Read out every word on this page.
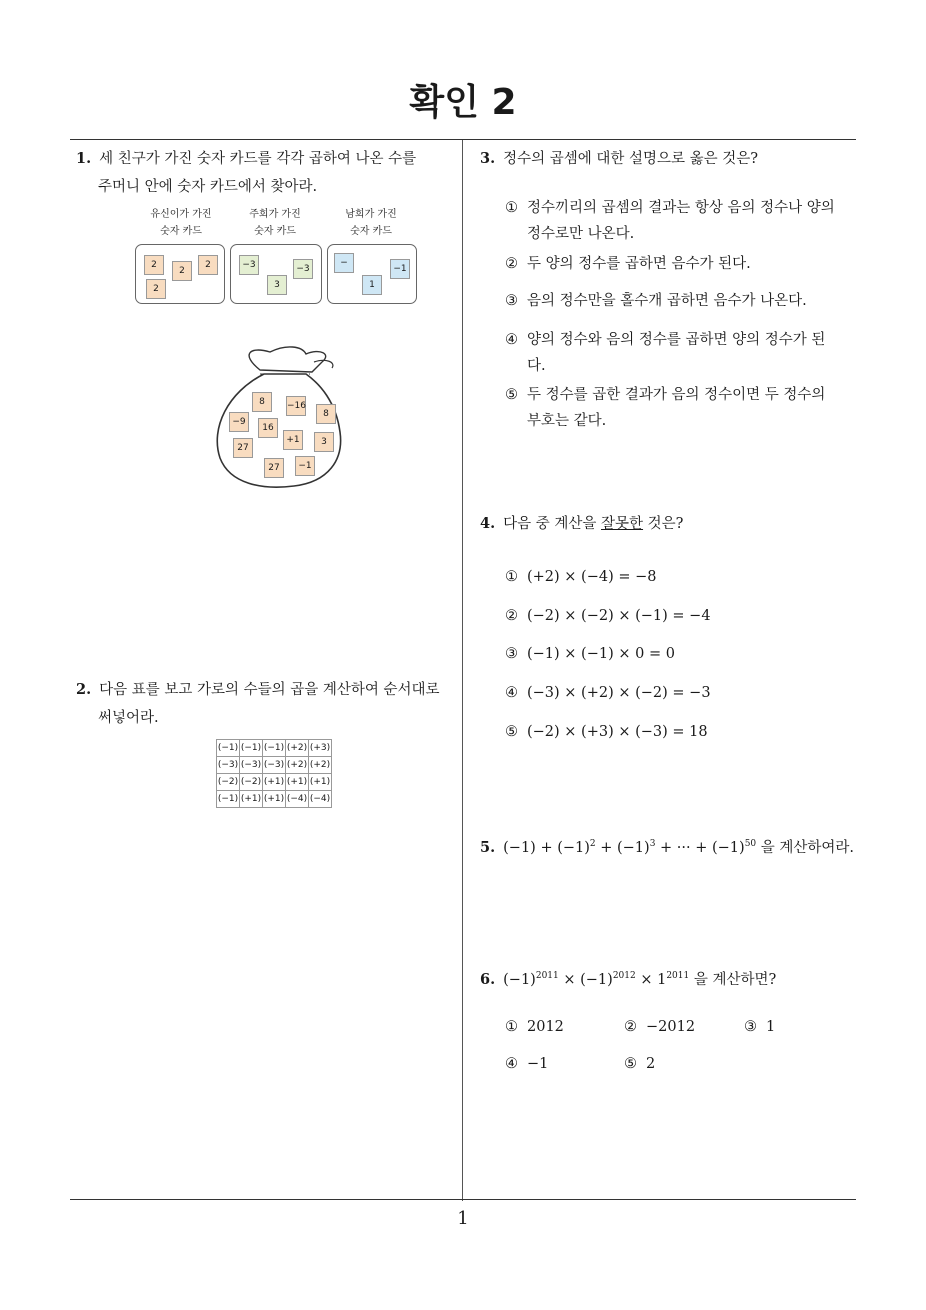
확인 2
1. 세 친구가 가진 숫자 카드를 각각 곱하여 나온 수를
주머니 안에 숫자 카드에서 찾아라.
유신이가 가진
숫자 카드
주희가 가진
숫자 카드
남희가 가진
숫자 카드
2
2
2
2
−3	−3
3
−
−1
1
8	−16
8
−9
16
27
+1	3
27	−1
2. 다음 표를 보고 가로의 수들의 곱을 계산하여 순서대로
써넣어라.
(−1)	(−1)	(−1)	(+2)	(+3)
(−3)	(−3)	(−3)	(+2)	(+2)
(−2)	(−2)	(+1)	(+1)	(+1)
(−1)	(+1)	(+1)	(−4)	(−4)
3. 정수의 곱셈에 대한 설명으로 옳은 것은?
① 정수끼리의 곱셈의 결과는 항상 음의 정수나 양의
정수로만 나온다.
② 두 양의 정수를 곱하면 음수가 된다.
③ 음의 정수만을 홀수개 곱하면 음수가 나온다.
④ 양의 정수와 음의 정수를 곱하면 양의 정수가 된
다.
⑤ 두 정수를 곱한 결과가 음의 정수이면 두 정수의
부호는 같다.
4. 다음 중 계산을 잘못한 것은?
① (+2) × (−4) = −8
② (−2) × (−2) × (−1) = −4
③ (−1) × (−1) × 0 = 0
④ (−3) × (+2) × (−2) = −3
⑤ (−2) × (+3) × (−3) = 18
5. $(-1) + (-1)^2 + (-1)^3$ + ··· + $(-1)^{50}$ 을 계산하여라.
6. $(-1)^{2011} \times (-1)^{2012} \times 1^{2011}$ 을 계산하면?
① 2012	② −2012	③ 1
④ −1	⑤ 2
1
